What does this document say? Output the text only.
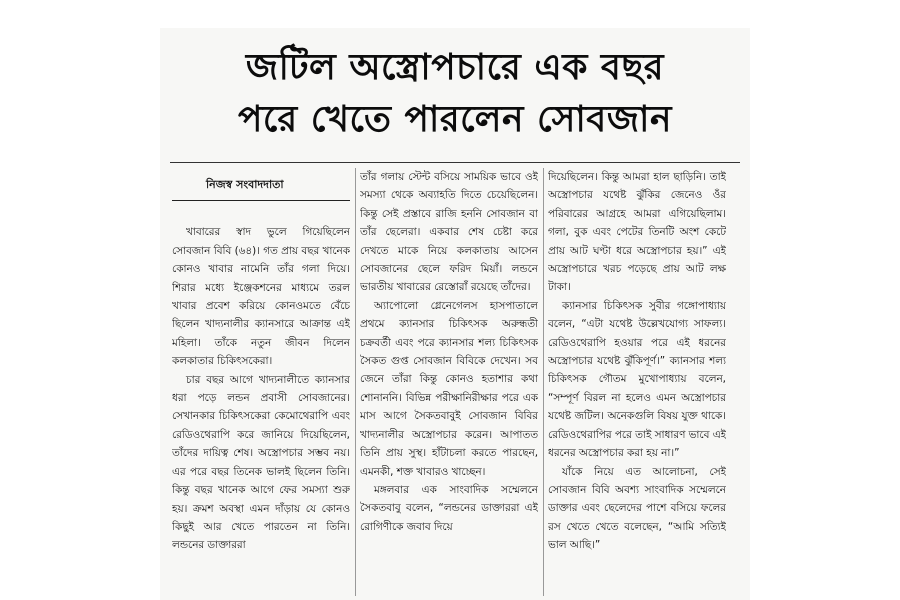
জটিল অস্ত্রোপচারে এক বছর
পরে খেতে পারলেন সোবজান
নিজস্ব সংবাদদাতা

খাবারের স্বাদ ভুলে গিয়েছিলেন সোবজান বিবি (৬৪)। গত প্রায় বছর খানেক কোনও খাবার নামেনি তাঁর গলা দিয়ে। শিরার মধ্যে ইঞ্জেকশনের মাধ্যমে তরল খাবার প্রবেশ করিয়ে কোনওমতে বেঁচে ছিলেন খাদ্যনালীর ক্যানসারে আক্রান্ত এই মহিলা। তাঁকে নতুন জীবন দিলেন কলকাতার চিকিৎসকেরা।

চার বছর আগে খাদ্যনালীতে ক্যানসার ধরা পড়ে লন্ডন প্রবাসী সোবজানের। সেখানকার চিকিৎসকেরা কেমোথেরাপি এবং রেডিওথেরাপি করে জানিয়ে দিয়েছিলেন, তাঁদের দায়িত্ব শেষ। অস্ত্রোপচার সম্ভব নয়। এর পরে বছর তিনেক ভালই ছিলেন তিনি। কিন্তু বছর খানেক আগে ফের সমস্যা শুরু হয়। ক্রমশ অবস্থা এমন দাঁড়ায় যে কোনও কিছুই আর খেতে পারতেন না তিনি। লন্ডনের ডাক্তাররা

তাঁর গলায় স্টেন্ট বসিয়ে সাময়িক ভাবে ওই সমস্যা থেকে অব্যাহতি দিতে চেয়েছিলেন। কিন্তু সেই প্রস্তাবে রাজি হননি সোবজান বা তাঁর ছেলেরা। একবার শেষ চেষ্টা করে দেখতে মাকে নিয়ে কলকাতায় আসেন সোবজানের ছেলে ফরিদ মিয়াঁ। লন্ডনে ভারতীয় খাবারের রেস্তোরাঁ রয়েছে তাঁদের।

অ্যাপোলো গ্লেনেগেলস হাসপাতালে প্রথমে ক্যানসার চিকিৎসক অরুন্ধতী চক্রবর্তী এবং পরে ক্যানসার শল্য চিকিৎসক সৈকত গুপ্ত সোবজান বিবিকে দেখেন। সব জেনে তাঁরা কিন্তু কোনও হতাশার কথা শোনাননি। বিভিন্ন পরীক্ষানিরীক্ষার পরে এক মাস আগে সৈকতবাবুই সোবজান বিবির খাদ্যনালীর অস্ত্রোপচার করেন। আপাতত তিনি প্রায় সুস্থ। হাঁটাচলা করতে পারছেন, এমনকী, শক্ত খাবারও খাচ্ছেন।

মঙ্গলবার এক সাংবাদিক সম্মেলনে সৈকতবাবু বলেন, “লন্ডনের ডাক্তাররা এই রোগিণীকে জবাব দিয়ে

দিয়েছিলেন। কিন্তু আমরা হাল ছাড়িনি। তাই অস্ত্রোপচার যথেষ্ট ঝুঁকির জেনেও ওঁর পরিবারের আগ্রহে আমরা এগিয়েছিলাম। গলা, বুক এবং পেটের তিনটি অংশ কেটে প্রায় আট ঘণ্টা ধরে অস্ত্রোপচার হয়।” এই অস্ত্রোপচারে খরচ পড়েছে প্রায় আট লক্ষ টাকা।

ক্যানসার চিকিৎসক সুবীর গঙ্গোপাধ্যায় বলেন, “এটা যথেষ্ট উল্লেখযোগ্য সাফল্য। রেডিওথেরাপি হওয়ার পরে এই ধরনের অস্ত্রোপচার যথেষ্ট ঝুঁকিপূর্ণ।” ক্যানসার শল্য চিকিৎসক গৌতম মুখোপাধ্যায় বলেন, “সম্পূর্ণ বিরল না হলেও এমন অস্ত্রোপচার যথেষ্ট জটিল। অনেকগুলি বিষয় যুক্ত থাকে। রেডিওথেরাপির পরে তাই সাধারণ ভাবে এই ধরনের অস্ত্রোপচার করা হয় না।”

যাঁকে নিয়ে এত আলোচনা, সেই সোবজান বিবি অবশ্য সাংবাদিক সম্মেলনে ডাক্তার এবং ছেলেদের পাশে বসিয়ে ফলের রস খেতে খেতে বলেছেন, “আমি সত্যিই ভাল আছি।”
